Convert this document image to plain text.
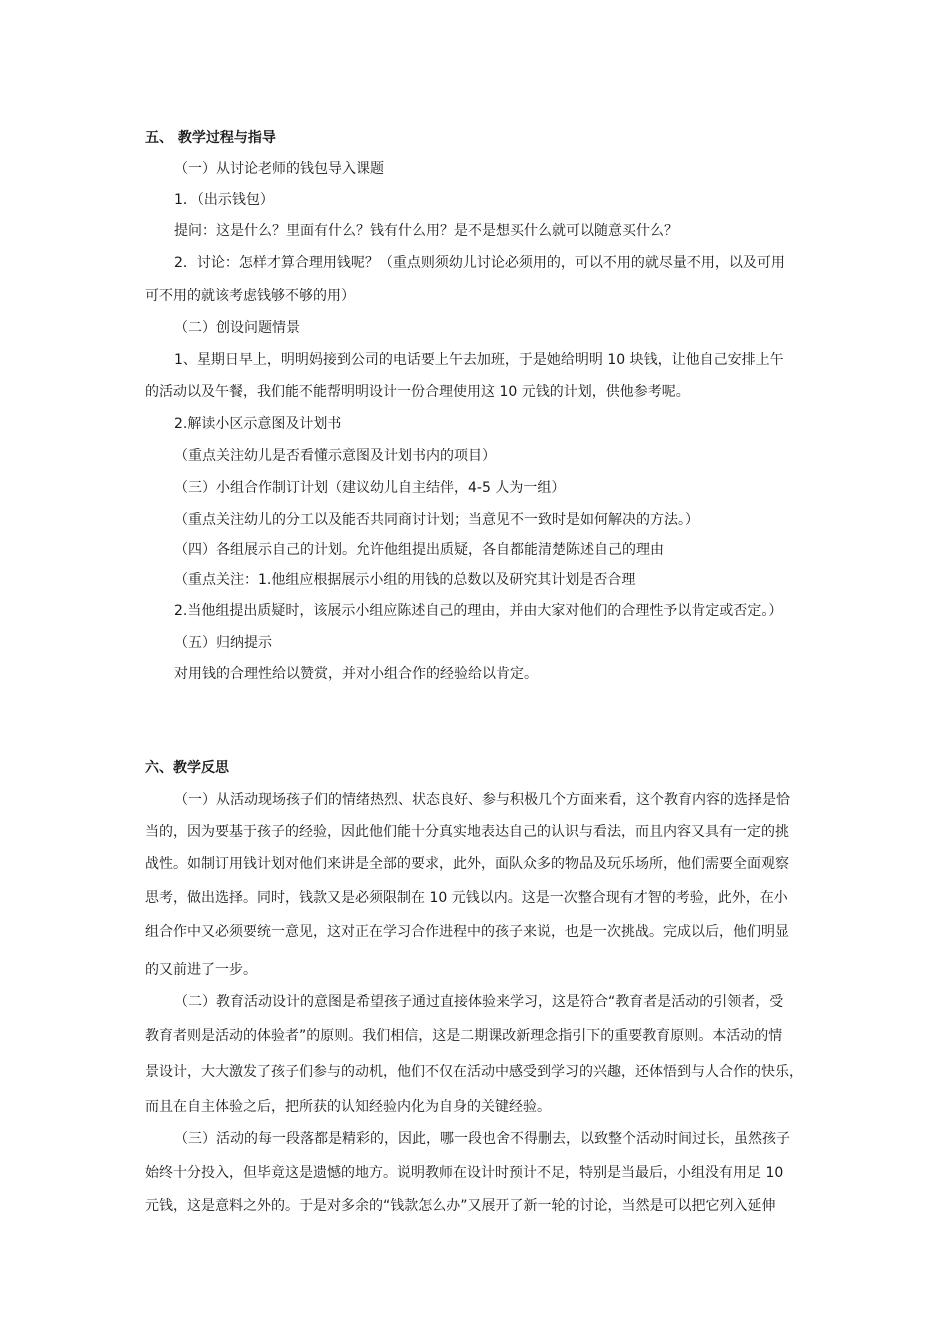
五、 教学过程与指导

（一）从讨论老师的钱包导入课题

1．（出示钱包）

提问：这是什么？里面有什么？钱有什么用？是不是想买什么就可以随意买什么？

2．讨论：怎样才算合理用钱呢？（重点则须幼儿讨论必须用的，可以不用的就尽量不用，以及可用

可不用的就该考虑钱够不够的用）

（二）创设问题情景

1、星期日早上，明明妈接到公司的电话要上午去加班，于是她给明明 10 块钱，让他自己安排上午

的活动以及午餐，我们能不能帮明明设计一份合理使用这 10 元钱的计划，供他参考呢。

2.解读小区示意图及计划书

（重点关注幼儿是否看懂示意图及计划书内的项目）

（三）小组合作制订计划（建议幼儿自主结伴，4-5 人为一组）

（重点关注幼儿的分工以及能否共同商讨计划；当意见不一致时是如何解决的方法。）

（四）各组展示自己的计划。允许他组提出质疑，各自都能清楚陈述自己的理由

（重点关注：1.他组应根据展示小组的用钱的总数以及研究其计划是否合理

2.当他组提出质疑时，该展示小组应陈述自己的理由，并由大家对他们的合理性予以肯定或否定。）

（五）归纳提示

对用钱的合理性给以赞赏，并对小组合作的经验给以肯定。

六、教学反思

（一）从活动现场孩子们的情绪热烈、状态良好、参与积极几个方面来看，这个教育内容的选择是恰

当的，因为要基于孩子的经验，因此他们能十分真实地表达自己的认识与看法，而且内容又具有一定的挑

战性。如制订用钱计划对他们来讲是全部的要求，此外，面队众多的物品及玩乐场所，他们需要全面观察

思考，做出选择。同时，钱款又是必须限制在 10 元钱以内。这是一次整合现有才智的考验，此外，在小

组合作中又必须要统一意见，这对正在学习合作进程中的孩子来说，也是一次挑战。完成以后，他们明显

的又前进了一步。

（二）教育活动设计的意图是希望孩子通过直接体验来学习，这是符合“教育者是活动的引领者，受

教育者则是活动的体验者”的原则。我们相信，这是二期课改新理念指引下的重要教育原则。本活动的情

景设计，大大激发了孩子们参与的动机，他们不仅在活动中感受到学习的兴趣，还体悟到与人合作的快乐，

而且在自主体验之后，把所获的认知经验内化为自身的关键经验。

（三）活动的每一段落都是精彩的，因此，哪一段也舍不得删去，以致整个活动时间过长，虽然孩子

始终十分投入，但毕竟这是遗憾的地方。说明教师在设计时预计不足，特别是当最后，小组没有用足 10

元钱，这是意料之外的。于是对多余的“钱款怎么办”又展开了新一轮的讨论，当然是可以把它列入延伸
